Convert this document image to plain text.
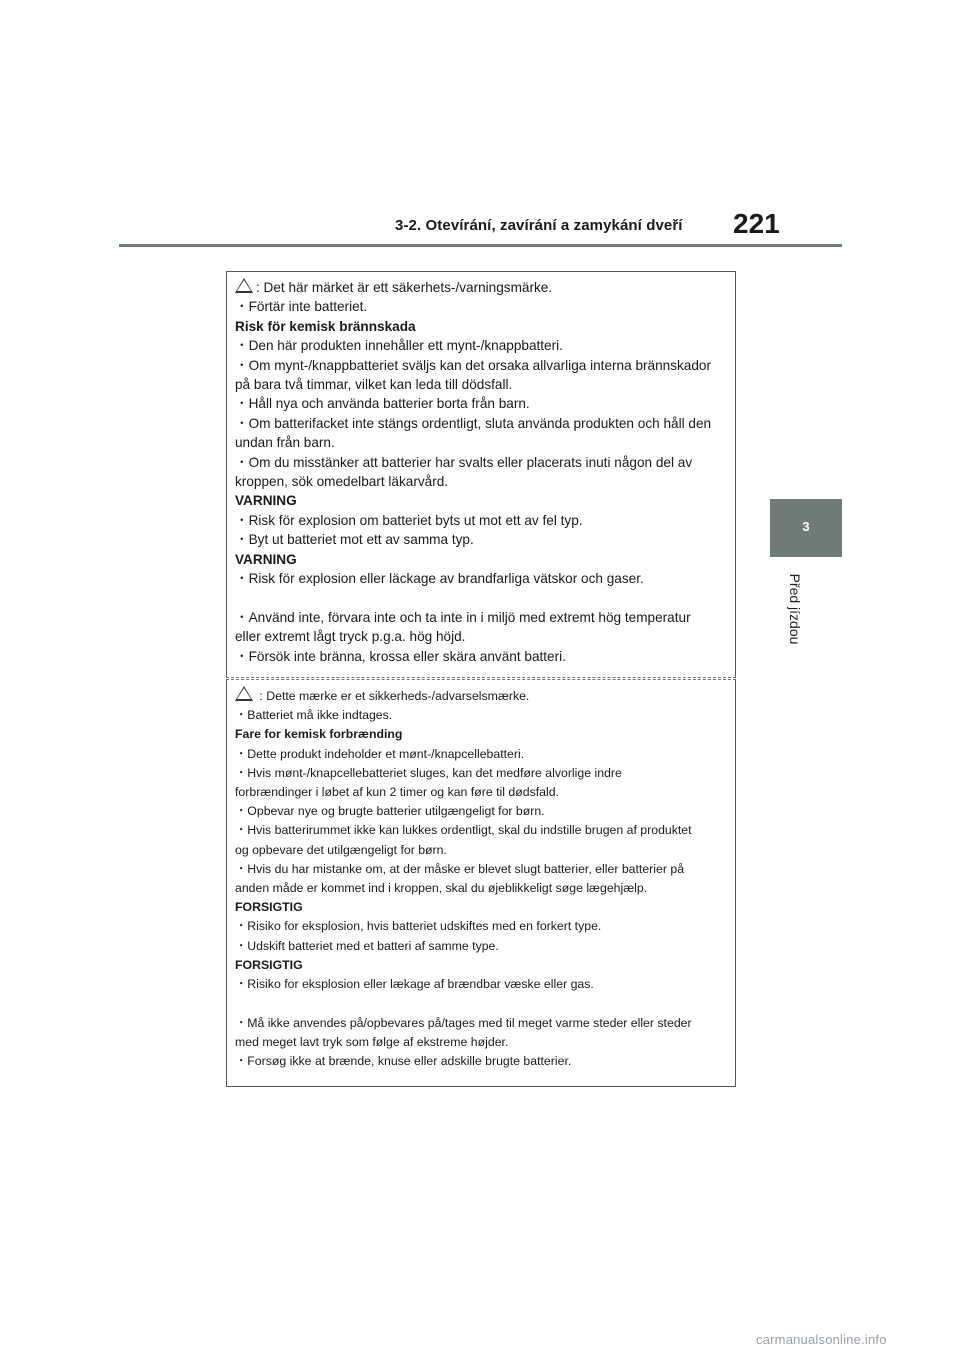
3-2. Otevírání, zavírání a zamykání dveří 221
3
Před jízdou
: Det här märket är ett säkerhets-/varningsmärke.
・Förtär inte batteriet.
Risk för kemisk brännskada
・Den här produkten innehåller ett mynt-/knappbatteri.
・Om mynt-/knappbatteriet sväljs kan det orsaka allvarliga interna brännskador
på bara två timmar, vilket kan leda till dödsfall.
・Håll nya och använda batterier borta från barn.
・Om batterifacket inte stängs ordentligt, sluta använda produkten och håll den
undan från barn.
・Om du misstänker att batterier har svalts eller placerats inuti någon del av
kroppen, sök omedelbart läkarvård.
VARNING
・Risk för explosion om batteriet byts ut mot ett av fel typ.
・Byt ut batteriet mot ett av samma typ.
VARNING
・Risk för explosion eller läckage av brandfarliga vätskor och gaser.
・Använd inte, förvara inte och ta inte in i miljö med extremt hög temperatur
eller extremt lågt tryck p.g.a. hög höjd.
・Försök inte bränna, krossa eller skära använt batteri.
: Dette mærke er et sikkerheds-/advarselsmærke.
・Batteriet må ikke indtages.
Fare for kemisk forbrænding
・Dette produkt indeholder et mønt-/knapcellebatteri.
・Hvis mønt-/knapcellebatteriet sluges, kan det medføre alvorlige indre
forbrændinger i løbet af kun 2 timer og kan føre til dødsfald.
・Opbevar nye og brugte batterier utilgængeligt for børn.
・Hvis batterirummet ikke kan lukkes ordentligt, skal du indstille brugen af produktet
og opbevare det utilgængeligt for børn.
・Hvis du har mistanke om, at der måske er blevet slugt batterier, eller batterier på
anden måde er kommet ind i kroppen, skal du øjeblikkeligt søge lægehjælp.
FORSIGTIG
・Risiko for eksplosion, hvis batteriet udskiftes med en forkert type.
・Udskift batteriet med et batteri af samme type.
FORSIGTIG
・Risiko for eksplosion eller lækage af brændbar væske eller gas.
・Må ikke anvendes på/opbevares på/tages med til meget varme steder eller steder
med meget lavt tryk som følge af ekstreme højder.
・Forsøg ikke at brænde, knuse eller adskille brugte batterier.
carmanualsonline.info
